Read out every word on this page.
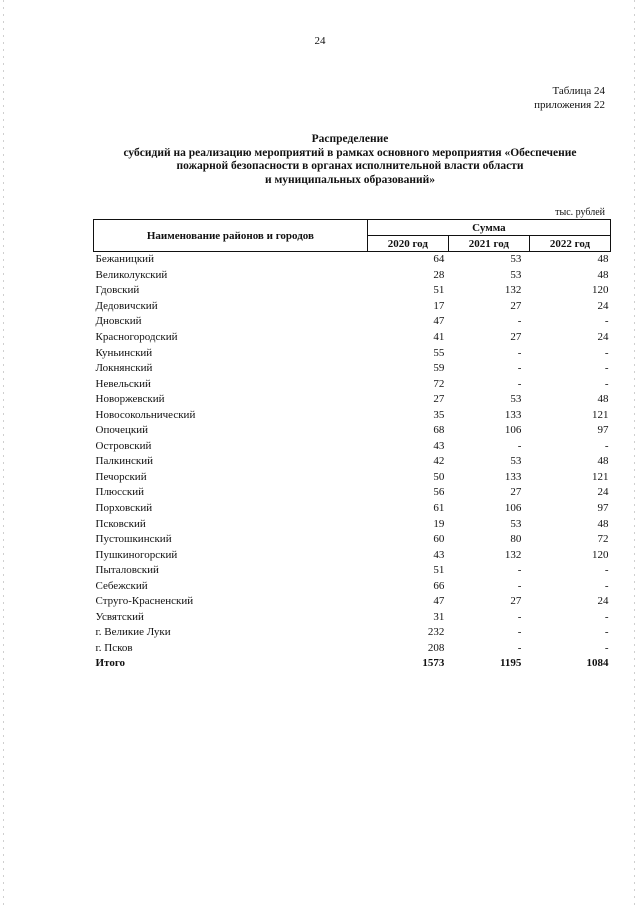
24
Таблица 24
приложения 22
Распределение
субсидий на реализацию мероприятий в рамках основного мероприятия «Обеспечение
пожарной безопасности в органах исполнительной власти области
и муниципальных образований»
тыс. рублей
Наименование районов и городов	Сумма		
	2020 год	2021 год	2022 год
Бежаницкий	64	53	48
Великолукский	28	53	48
Гдовский	51	132	120
Дедовичский	17	27	24
Дновский	47	-	-
Красногородский	41	27	24
Куньинский	55	-	-
Локнянский	59	-	-
Невельский	72	-	-
Новоржевский	27	53	48
Новосокольнический	35	133	121
Опочецкий	68	106	97
Островский	43	-	-
Палкинский	42	53	48
Печорский	50	133	121
Плюсский	56	27	24
Порховский	61	106	97
Псковский	19	53	48
Пустошкинский	60	80	72
Пушкиногорский	43	132	120
Пыталовский	51	-	-
Себежский	66	-	-
Струго-Красненский	47	27	24
Усвятский	31	-	-
г. Великие Луки	232	-	-
г. Псков	208	-	-
Итого	1573	1195	1084
